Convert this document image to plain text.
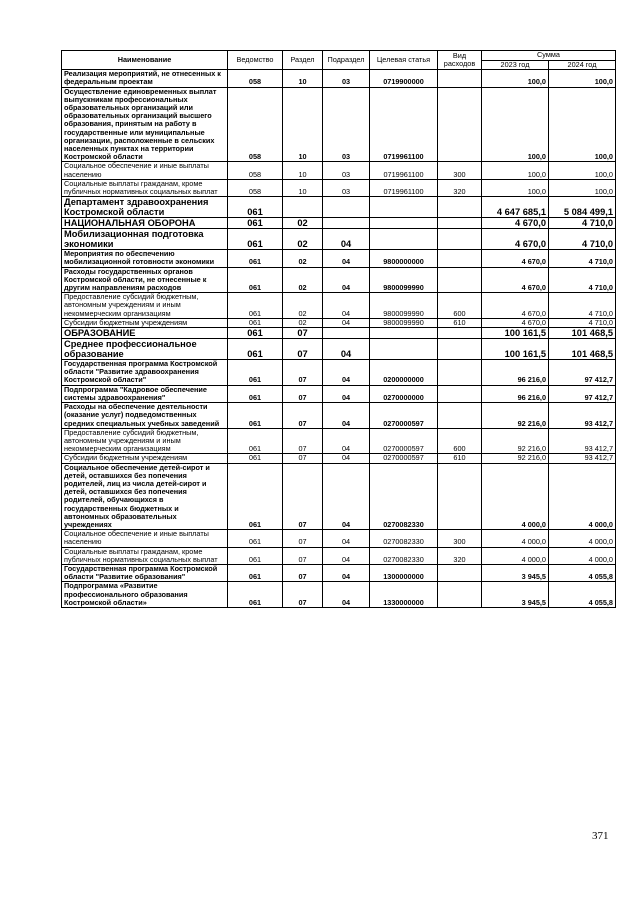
Наименование	Ведомство	Раздел	Подраздел	Целевая статья	Вид расходов	Сумма	
						2023 год	2024 год
Реализация мероприятий, не отнесенных к федеральным проектам	058	10	03	0719900000		100,0	100,0
Осуществление единовременных выплат выпускникам профессиональных образовательных организаций или образовательных организаций высшего образования, принятым на работу в государственные или муниципальные организации, расположенные в сельских населенных пунктах на территории Костромской области	058	10	03	0719961100		100,0	100,0
Социальное обеспечение и иные выплаты населению	058	10	03	0719961100	300	100,0	100,0
Социальные выплаты гражданам, кроме публичных нормативных социальных выплат	058	10	03	0719961100	320	100,0	100,0
Департамент здравоохранения Костромской области	061					4 647 685,1	5 084 499,1
НАЦИОНАЛЬНАЯ ОБОРОНА	061	02				4 670,0	4 710,0
Мобилизационная подготовка экономики	061	02	04			4 670,0	4 710,0
Мероприятия по обеспечению мобилизационной готовности экономики	061	02	04	9800000000		4 670,0	4 710,0
Расходы государственных органов Костромской области, не отнесенные к другим направлениям расходов	061	02	04	9800099990		4 670,0	4 710,0
Предоставление субсидий бюджетным, автономным учреждениям и иным некоммерческим организациям	061	02	04	9800099990	600	4 670,0	4 710,0
Субсидии бюджетным учреждениям	061	02	04	9800099990	610	4 670,0	4 710,0
ОБРАЗОВАНИЕ	061	07				100 161,5	101 468,5
Среднее профессиональное образование	061	07	04			100 161,5	101 468,5
Государственная программа Костромской области "Развитие здравоохранения Костромской области"	061	07	04	0200000000		96 216,0	97 412,7
Подпрограмма "Кадровое обеспечение системы здравоохранения"	061	07	04	0270000000		96 216,0	97 412,7
Расходы на обеспечение деятельности (оказание услуг) подведомственных средних специальных учебных заведений	061	07	04	0270000597		92 216,0	93 412,7
Предоставление субсидий бюджетным, автономным учреждениям и иным некоммерческим организациям	061	07	04	0270000597	600	92 216,0	93 412,7
Субсидии бюджетным учреждениям	061	07	04	0270000597	610	92 216,0	93 412,7
Социальное обеспечение детей-сирот и детей, оставшихся без попечения родителей, лиц из числа детей-сирот и детей, оставшихся без попечения родителей, обучающихся в государственных бюджетных и автономных образовательных учреждениях	061	07	04	0270082330		4 000,0	4 000,0
Социальное обеспечение и иные выплаты населению	061	07	04	0270082330	300	4 000,0	4 000,0
Социальные выплаты гражданам, кроме публичных нормативных социальных выплат	061	07	04	0270082330	320	4 000,0	4 000,0
Государственная программа Костромской области "Развитие образования"	061	07	04	1300000000		3 945,5	4 055,8
Подпрограмма «Развитие профессионального образования Костромской области»	061	07	04	1330000000		3 945,5	4 055,8
371
